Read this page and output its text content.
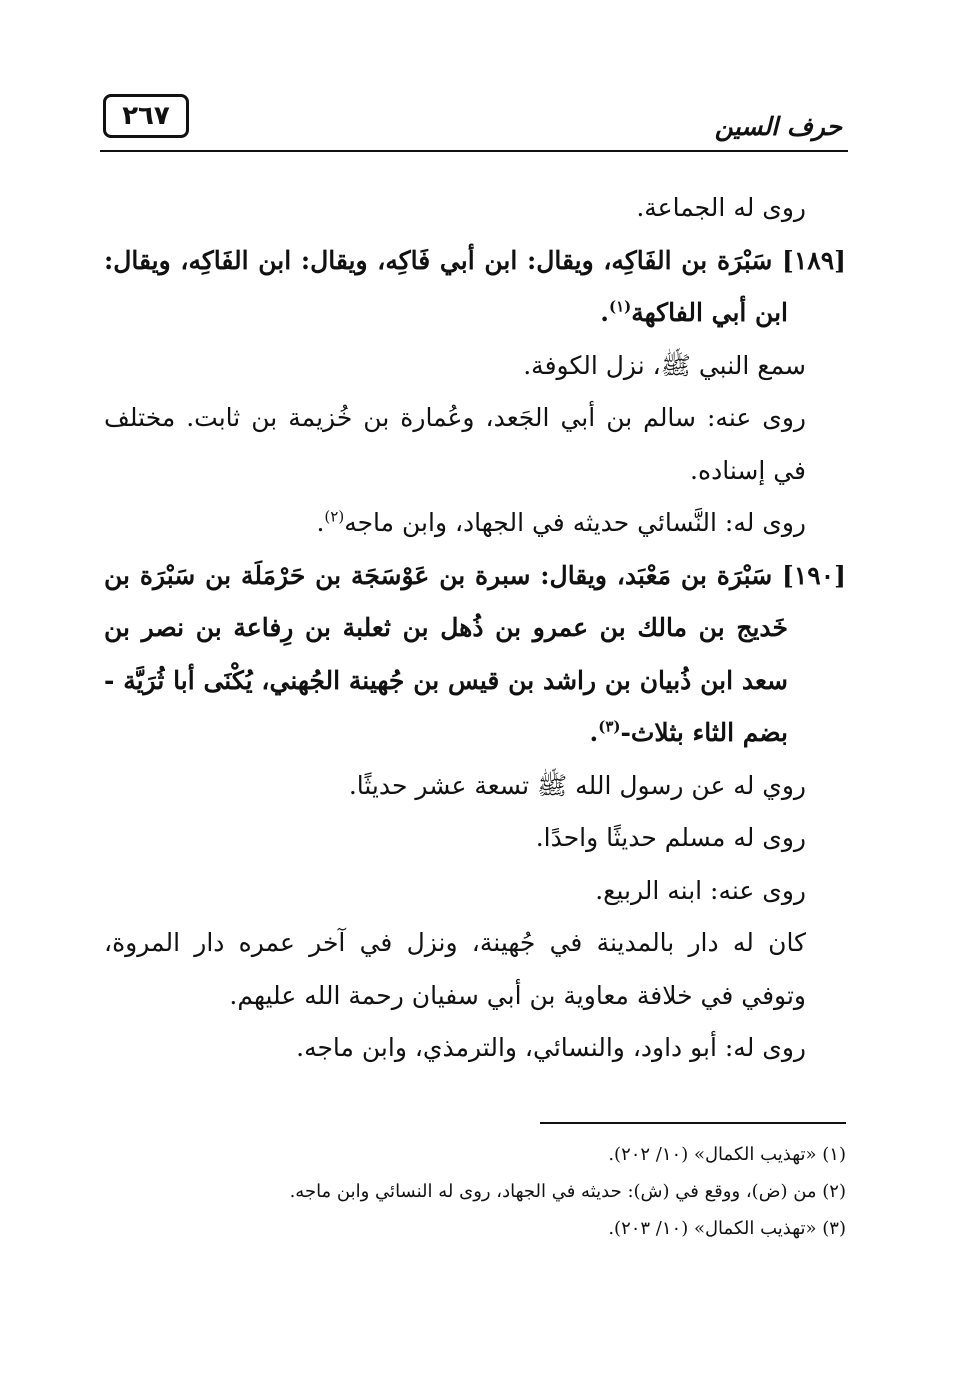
٢٦٧	حرف السين

روى له الجماعة.

[١٨٩] سَبْرَة بن الفَاكِه، ويقال: ابن أبي فَاكِه، ويقال: ابن الفَاكِه، ويقال: ابن أبي الفاكهة$^{(١)}$.

سمع النبي ﷺ، نزل الكوفة.

روى عنه: سالم بن أبي الجَعد، وعُمارة بن خُزيمة بن ثابت. مختلف في إسناده.

روى له: النَّسائي حديثه في الجهاد، وابن ماجه$^{(٢)}$.

[١٩٠] سَبْرَة بن مَعْبَد، ويقال: سبرة بن عَوْسَجَة بن حَرْمَلَة بن سَبْرَة بن خَديج بن مالك بن عمرو بن ذُهل بن ثعلبة بن رِفاعة بن نصر بن سعد ابن ذُبيان بن راشد بن قيس بن جُهينة الجُهني، يُكْنَى أبا ثُرَيَّة - بضم الثاء بثلاث-$^{(٣)}$.

روي له عن رسول الله ﷺ تسعة عشر حديثًا.

روى له مسلم حديثًا واحدًا.

روى عنه: ابنه الربيع.

كان له دار بالمدينة في جُهينة، ونزل في آخر عمره دار المروة، وتوفي في خلافة معاوية بن أبي سفيان رحمة الله عليهم.

روى له: أبو داود، والنسائي، والترمذي، وابن ماجه.

(١) «تهذيب الكمال» (١٠/ ٢٠٢).

(٢) من (ض)، ووقع في (ش): حديثه في الجهاد، روى له النسائي وابن ماجه.

(٣) «تهذيب الكمال» (١٠/ ٢٠٣).
